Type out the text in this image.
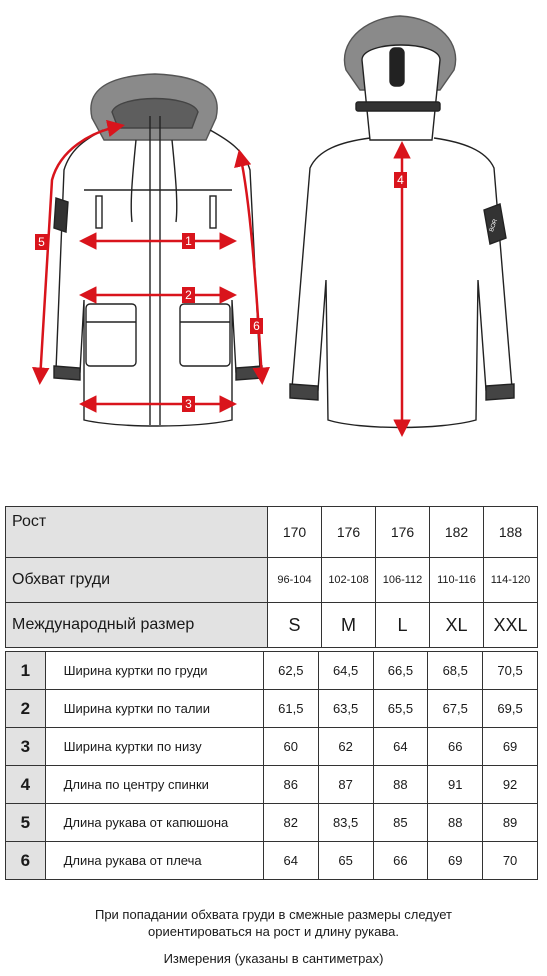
1
2
3
4
5
6
BOR
Рост	170	176	176	182	188
Обхват груди	96-104	102-108	106-112	110-116	114-120
Международный размер	S	M	L	XL	XXL
1	Ширина куртки по груди	62,5	64,5	66,5	68,5	70,5
2	Ширина куртки по талии	61,5	63,5	65,5	67,5	69,5
3	Ширина куртки по низу	60	62	64	66	69
4	Длина по центру спинки	86	87	88	91	92
5	Длина рукава от капюшона	82	83,5	85	88	89
6	Длина рукава от плеча	64	65	66	69	70
При попадании обхвата груди в смежные размеры следует
ориентироваться на рост и длину рукава.
Измерения (указаны в сантиметрах)
